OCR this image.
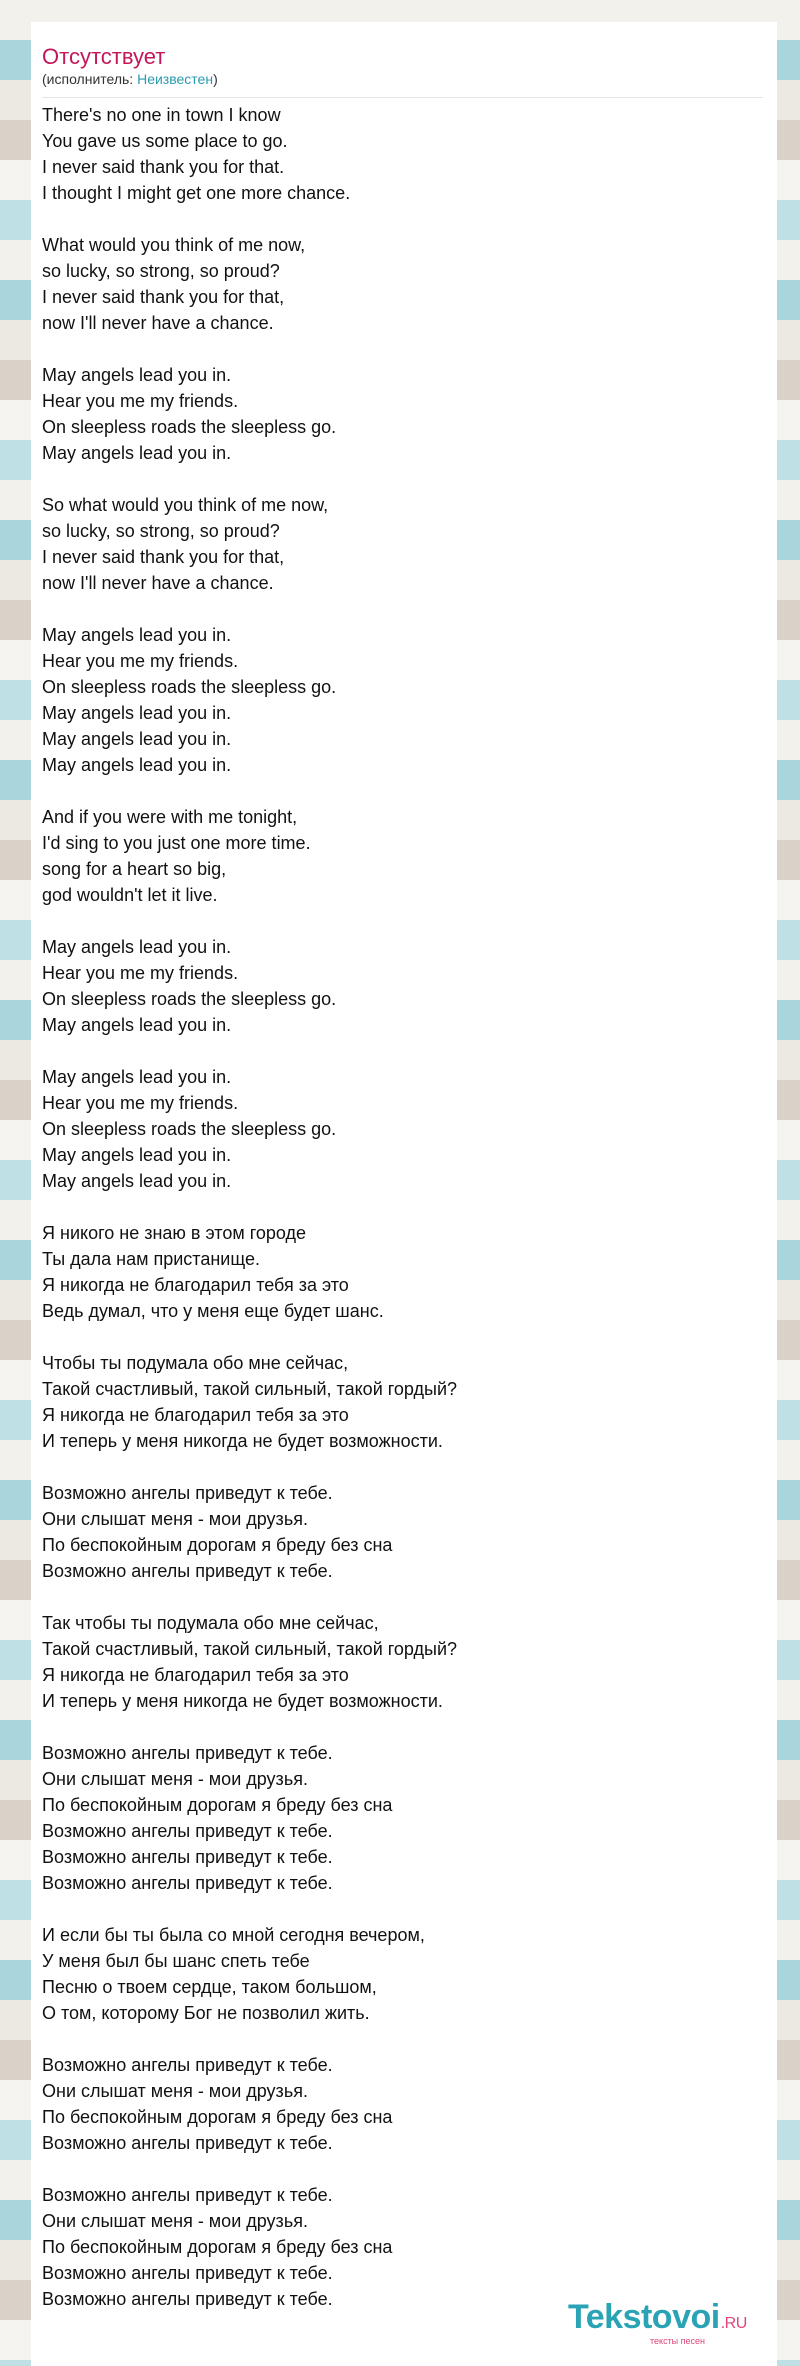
Отсутствует
(исполнитель: Неизвестен)
There's no one in town I know
You gave us some place to go.
I never said thank you for that.
I thought I might get one more chance.

What would you think of me now,
so lucky, so strong, so proud?
I never said thank you for that,
now I'll never have a chance.

May angels lead you in.
Hear you me my friends.
On sleepless roads the sleepless go.
May angels lead you in.

So what would you think of me now,
so lucky, so strong, so proud?
I never said thank you for that,
now I'll never have a chance.

May angels lead you in.
Hear you me my friends.
On sleepless roads the sleepless go.
May angels lead you in.
May angels lead you in.
May angels lead you in.

And if you were with me tonight,
I'd sing to you just one more time.
song for a heart so big,
god wouldn't let it live.

May angels lead you in.
Hear you me my friends.
On sleepless roads the sleepless go.
May angels lead you in.

May angels lead you in.
Hear you me my friends.
On sleepless roads the sleepless go.
May angels lead you in.
May angels lead you in.

Я никого не знаю в этом городе
Ты дала нам пристанище.
Я никогда не благодарил тебя за это
Ведь думал, что у меня еще будет шанс.

Чтобы ты подумала обо мне сейчас,
Такой счастливый, такой сильный, такой гордый?
Я никогда не благодарил тебя за это
И теперь у меня никогда не будет возможности.

Возможно ангелы приведут к тебе.
Они слышат меня - мои друзья.
По беспокойным дорогам я бреду без сна
Возможно ангелы приведут к тебе.

Так чтобы ты подумала обо мне сейчас,
Такой счастливый, такой сильный, такой гордый?
Я никогда не благодарил тебя за это
И теперь у меня никогда не будет возможности.

Возможно ангелы приведут к тебе.
Они слышат меня - мои друзья.
По беспокойным дорогам я бреду без сна
Возможно ангелы приведут к тебе.
Возможно ангелы приведут к тебе.
Возможно ангелы приведут к тебе.

И если бы ты была со мной сегодня вечером,
У меня был бы шанс спеть тебе
Песню о твоем сердце, таком большом,
О том, которому Бог не позволил жить.

Возможно ангелы приведут к тебе.
Они слышат меня - мои друзья.
По беспокойным дорогам я бреду без сна
Возможно ангелы приведут к тебе.

Возможно ангелы приведут к тебе.
Они слышат меня - мои друзья.
По беспокойным дорогам я бреду без сна
Возможно ангелы приведут к тебе.
Возможно ангелы приведут к тебе.	Tekstovoi.RU
тексты песен
